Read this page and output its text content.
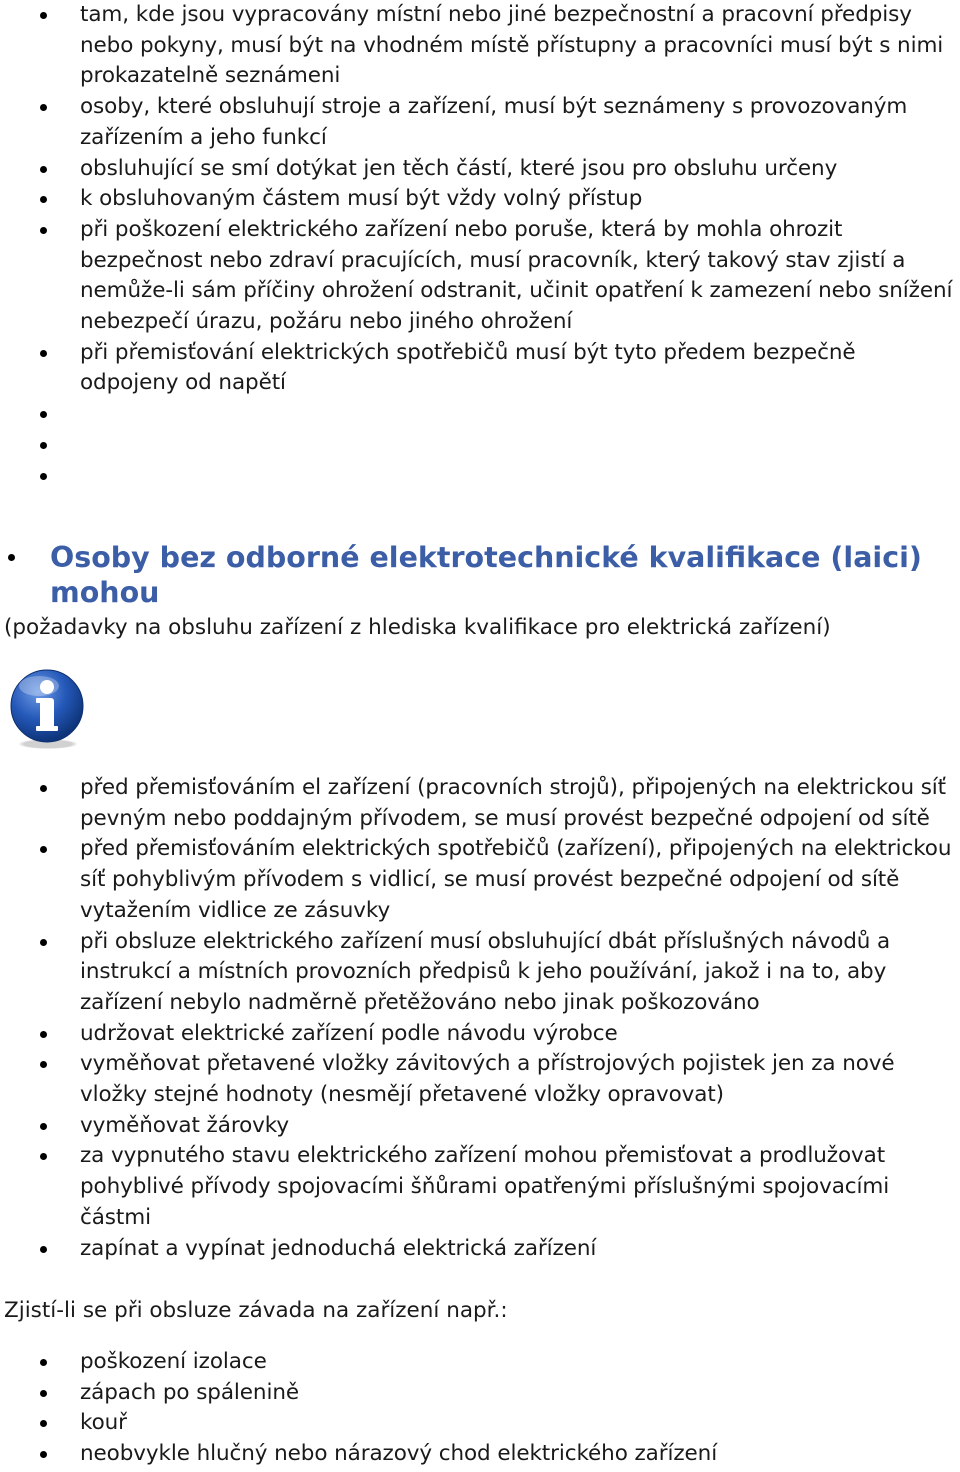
tam, kde jsou vypracovány místní nebo jiné bezpečnostní a pracovní předpisy nebo pokyny, musí být na vhodném místě přístupny a pracovníci musí být s nimi prokazatelně seznámeni
osoby, které obsluhují stroje a zařízení, musí být seznámeny s provozovaným zařízením a jeho funkcí
obsluhující se smí dotýkat jen těch částí, které jsou pro obsluhu určeny
k obsluhovaným částem musí být vždy volný přístup
při poškození elektrického zařízení nebo poruše, která by mohla ohrozit bezpečnost nebo zdraví pracujících, musí pracovník, který takový stav zjistí a nemůže-li sám příčiny ohrožení odstranit, učinit opatření k zamezení nebo snížení nebezpečí úrazu, požáru nebo jiného ohrožení
při přemisťování elektrických spotřebičů musí být tyto předem bezpečně odpojeny od napětí
Osoby bez odborné elektrotechnické kvalifikace (laici) mohou
(požadavky na obsluhu zařízení z hlediska kvalifikace pro elektrická zařízení)
před přemisťováním el zařízení (pracovních strojů), připojených na elektrickou síť pevným nebo poddajným přívodem, se musí provést bezpečné odpojení od sítě
před přemisťováním elektrických spotřebičů (zařízení), připojených na elektrickou síť pohyblivým přívodem s vidlicí, se musí provést bezpečné odpojení od sítě vytažením vidlice ze zásuvky
při obsluze elektrického zařízení musí obsluhující dbát příslušných návodů a instrukcí a místních provozních předpisů k jeho používání, jakož i na to, aby zařízení nebylo nadměrně přetěžováno nebo jinak poškozováno
udržovat elektrické zařízení podle návodu výrobce
vyměňovat přetavené vložky závitových a přístrojových pojistek jen za nové vložky stejné hodnoty (nesmějí přetavené vložky opravovat)
vyměňovat žárovky
za vypnutého stavu elektrického zařízení mohou přemisťovat a prodlužovat pohyblivé přívody spojovacími šňůrami opatřenými příslušnými spojovacími částmi
zapínat a vypínat jednoduchá elektrická zařízení
Zjistí-li se při obsluze závada na zařízení např.:
poškození izolace
zápach po spálenině
kouř
neobvykle hlučný nebo nárazový chod elektrického zařízení
